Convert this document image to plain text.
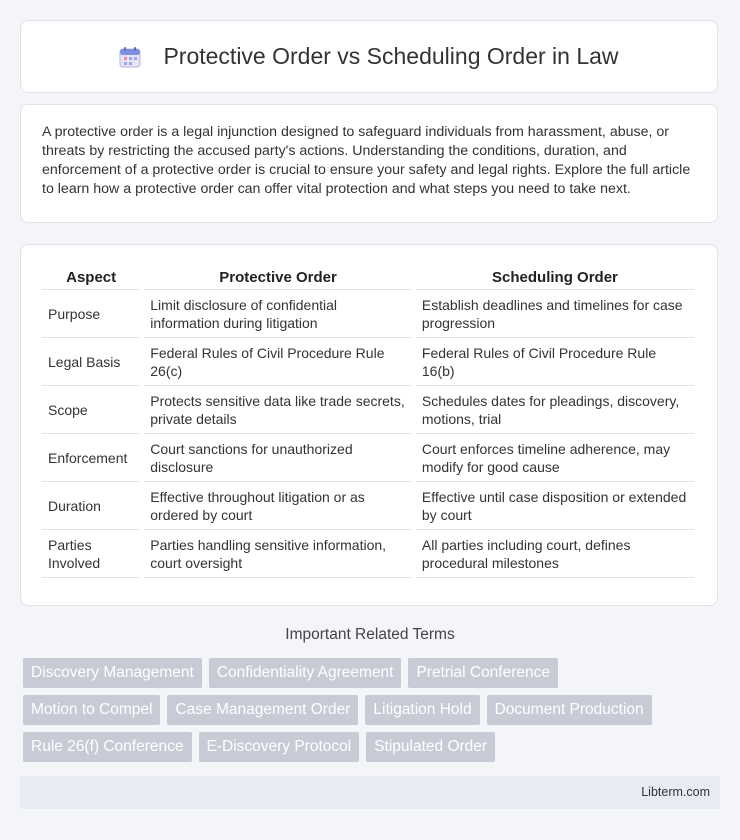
Protective Order vs Scheduling Order in Law

A protective order is a legal injunction designed to safeguard individuals from harassment, abuse, or threats by restricting the accused party's actions. Understanding the conditions, duration, and enforcement of a protective order is crucial to ensure your safety and legal rights. Explore the full article to learn how a protective order can offer vital protection and what steps you need to take next.

Aspect	Protective Order	Scheduling Order
Purpose	Limit disclosure of confidential information during litigation	Establish deadlines and timelines for case progression
Legal Basis	Federal Rules of Civil Procedure Rule 26(c)	Federal Rules of Civil Procedure Rule 16(b)
Scope	Protects sensitive data like trade secrets, private details	Schedules dates for pleadings, discovery, motions, trial
Enforcement	Court sanctions for unauthorized disclosure	Court enforces timeline adherence, may modify for good cause
Duration	Effective throughout litigation or as ordered by court	Effective until case disposition or extended by court
Parties Involved	Parties handling sensitive information, court oversight	All parties including court, defines procedural milestones
Important Related Terms
Discovery Management	Confidentiality Agreement	Pretrial Conference
Motion to Compel	Case Management Order	Litigation Hold	Document Production
Rule 26(f) Conference	E-Discovery Protocol	Stipulated Order
Libterm.com
